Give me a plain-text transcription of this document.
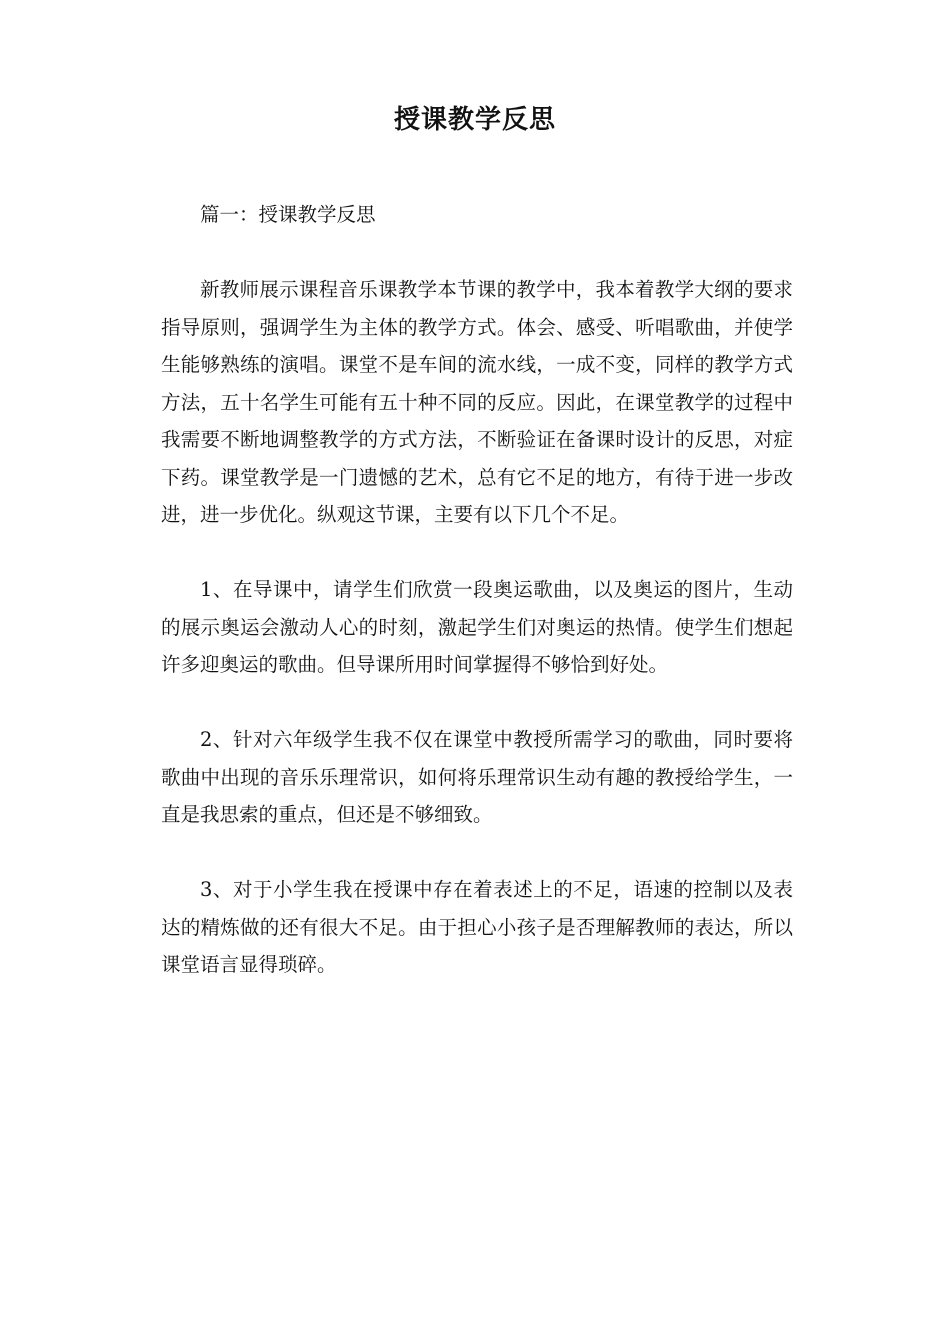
授课教学反思

篇一：授课教学反思

新教师展示课程音乐课教学本节课的教学中，我本着教学大纲的要求指导原则，强调学生为主体的教学方式。体会、感受、听唱歌曲，并使学生能够熟练的演唱。课堂不是车间的流水线，一成不变，同样的教学方式方法，五十名学生可能有五十种不同的反应。因此，在课堂教学的过程中我需要不断地调整教学的方式方法，不断验证在备课时设计的反思，对症下药。课堂教学是一门遗憾的艺术，总有它不足的地方，有待于进一步改进，进一步优化。纵观这节课，主要有以下几个不足。

1、在导课中，请学生们欣赏一段奥运歌曲，以及奥运的图片，生动的展示奥运会激动人心的时刻，激起学生们对奥运的热情。使学生们想起许多迎奥运的歌曲。但导课所用时间掌握得不够恰到好处。

2、针对六年级学生我不仅在课堂中教授所需学习的歌曲，同时要将歌曲中出现的音乐乐理常识，如何将乐理常识生动有趣的教授给学生，一直是我思索的重点，但还是不够细致。

3、对于小学生我在授课中存在着表述上的不足，语速的控制以及表达的精炼做的还有很大不足。由于担心小孩子是否理解教师的表达，所以课堂语言显得琐碎。
